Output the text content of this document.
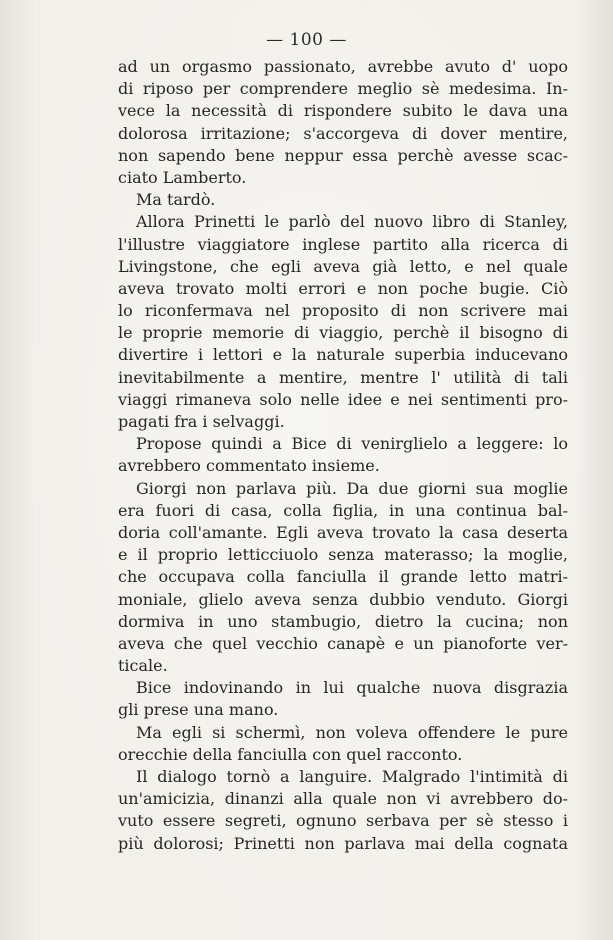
— 100 —
ad un orgasmo passionato, avrebbe avuto d' uopo
di riposo per comprendere meglio sè medesima. In-
vece la necessità di rispondere subito le dava una
dolorosa irritazione; s'accorgeva di dover mentire,
non sapendo bene neppur essa perchè avesse scac-
ciato Lamberto.
Ma tardò.
Allora Prinetti le parlò del nuovo libro di Stanley,
l'illustre viaggiatore inglese partito alla ricerca di
Livingstone, che egli aveva già letto, e nel quale
aveva trovato molti errori e non poche bugie. Ciò
lo riconfermava nel proposito di non scrivere mai
le proprie memorie di viaggio, perchè il bisogno di
divertire i lettori e la naturale superbia inducevano
inevitabilmente a mentire, mentre l' utilità di tali
viaggi rimaneva solo nelle idee e nei sentimenti pro-
pagati fra i selvaggi.
Propose quindi a Bice di venirglielo a leggere: lo
avrebbero commentato insieme.
Giorgi non parlava più. Da due giorni sua moglie
era fuori di casa, colla figlia, in una continua bal-
doria coll'amante. Egli aveva trovato la casa deserta
e il proprio letticciuolo senza materasso; la moglie,
che occupava colla fanciulla il grande letto matri-
moniale, glielo aveva senza dubbio venduto. Giorgi
dormiva in uno stambugio, dietro la cucina; non
aveva che quel vecchio canapè e un pianoforte ver-
ticale.
Bice indovinando in lui qualche nuova disgrazia
gli prese una mano.
Ma egli si schermì, non voleva offendere le pure
orecchie della fanciulla con quel racconto.
Il dialogo tornò a languire. Malgrado l'intimità di
un'amicizia, dinanzi alla quale non vi avrebbero do-
vuto essere segreti, ognuno serbava per sè stesso i
più dolorosi; Prinetti non parlava mai della cognata
